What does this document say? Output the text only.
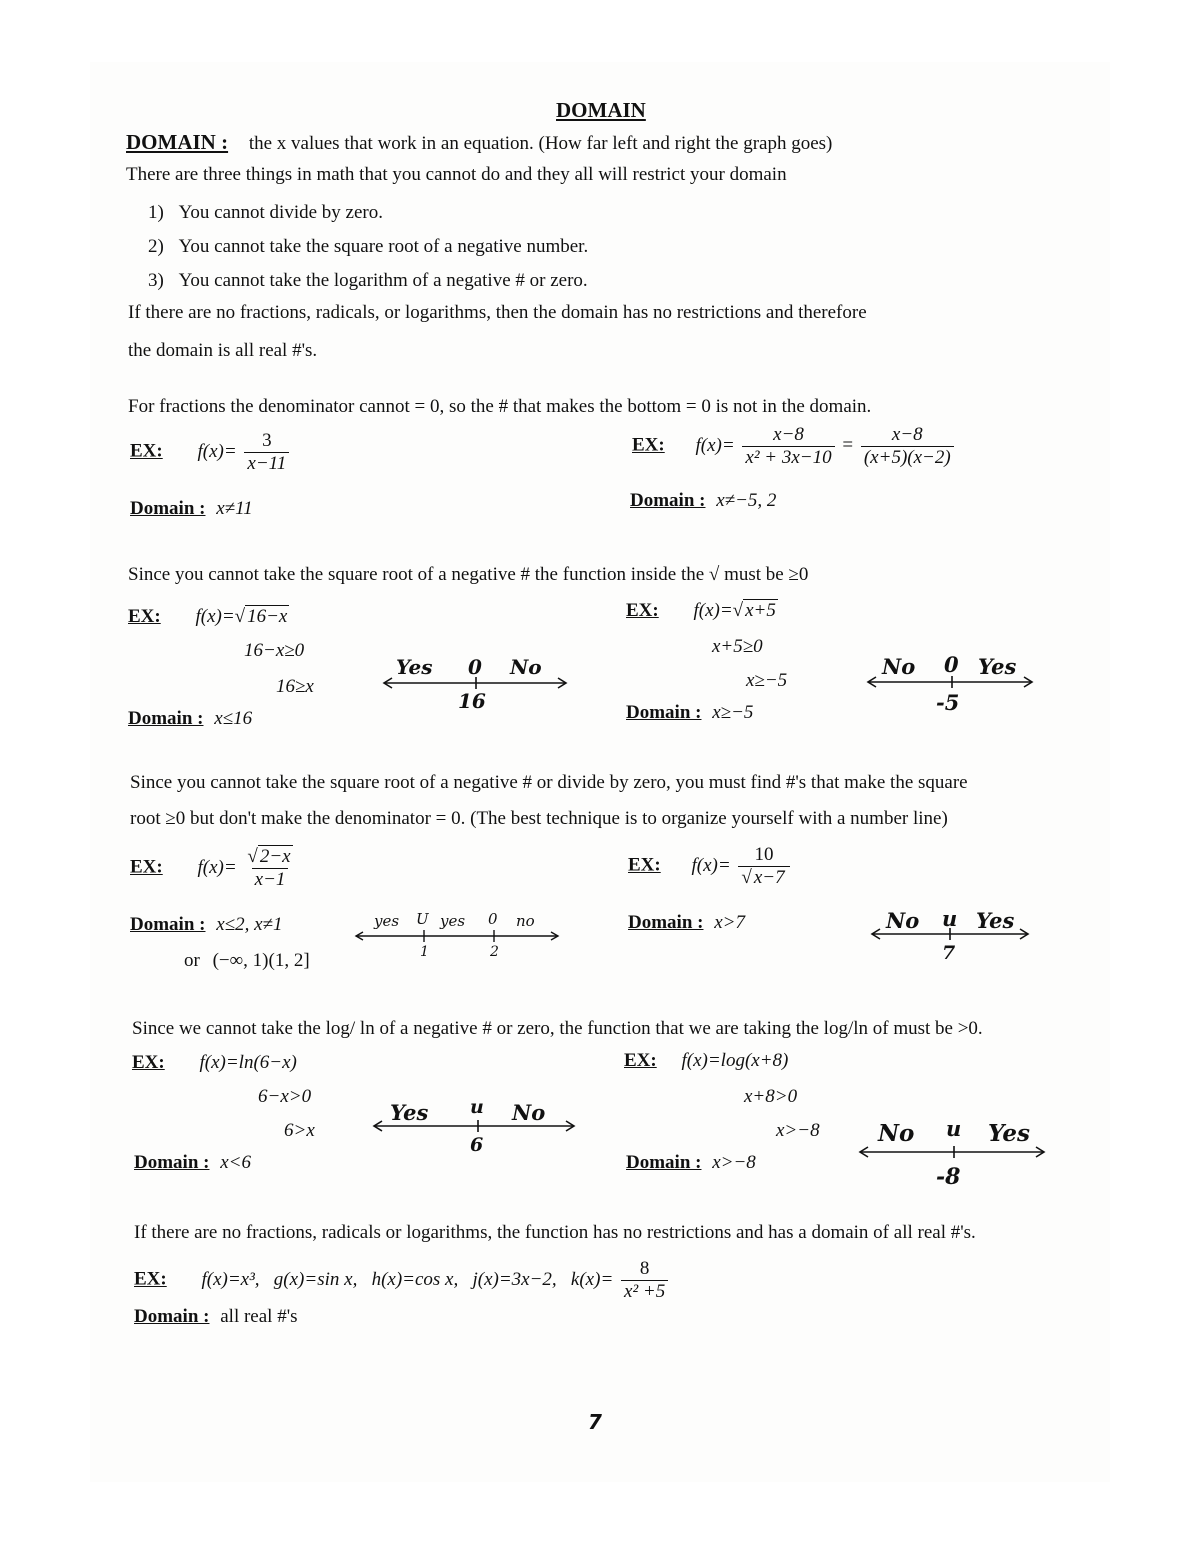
DOMAIN
DOMAIN : the x values that work in an equation. (How far left and right the graph goes)
There are three things in math that you cannot do and they all will restrict your domain
1) You cannot divide by zero.
2) You cannot take the square root of a negative number.
3) You cannot take the logarithm of a negative # or zero.
If there are no fractions, radicals, or logarithms, then the domain has no restrictions and therefore
the domain is all real #'s.
For fractions the denominator cannot = 0, so the # that makes the bottom = 0 is not in the domain.
EX: $f(x)= \frac{3}{x-11}$
Domain : x≠11
EX: $f(x)= \frac{x-8}{\text{x² + 3x−10}} = \frac{x-8}{(x+5)(x-2)}$
Domain : x≠−5, 2
Since you cannot take the square root of a negative # the function inside the √ must be ≥0
EX: f(x)=√ 16−x
16−x≥0
16≥x
Domain : x≤16
Yes 0 No
16
EX: f(x)=√ x+5
x+5≥0
x≥−5
Domain : x≥−5
No 0 Yes
-5
Since you cannot take the square root of a negative # or divide by zero, you must find #'s that make the square
root ≥0 but don't make the denominator = 0. (The best technique is to organize yourself with a number line)
EX: $f(x)= \frac{√ 2-x}{x-1}$
Domain : x≤2, x≠1
or (−∞, 1)(1, 2]
yes U yes 0 no
1	2
EX: $f(x)= \frac{10}{√ x-7}$
Domain : x>7	No u Yes
7
Since we cannot take the log/ ln of a negative # or zero, the function that we are taking the log/ln of must be >0.
EX: f(x)=ln(6−x)
6−x>0
6>x
Domain : x<6
Yes u No
6
EX: f(x)=log(x+8)
x+8>0
x>−8
Domain : x>−8
No u Yes
-8
If there are no fractions, radicals or logarithms, the function has no restrictions and has a domain of all real #'s.
EX: f(x)=x³,   g(x)=sin x,   h(x)=cos x,   j(x)=3x−2,   $k(x)= \frac{8}{\text{x² +5}}$
Domain : all real #'s
7
